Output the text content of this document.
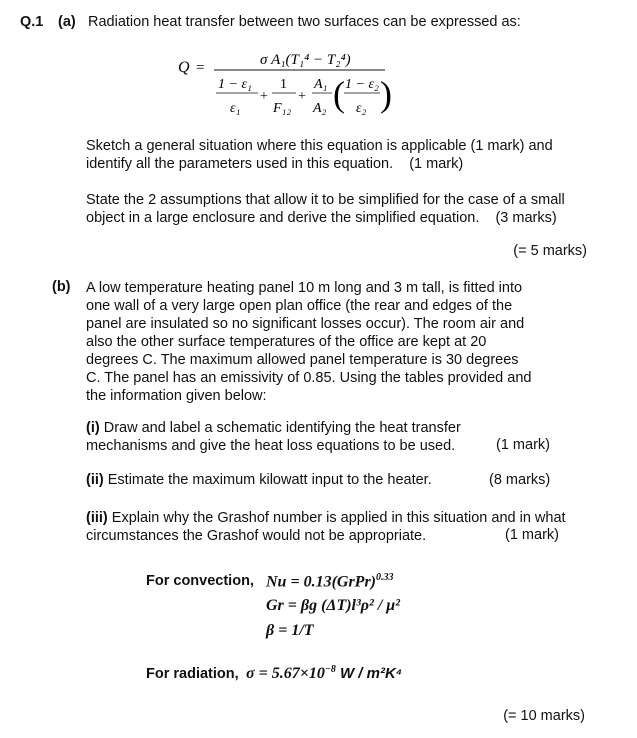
Q.1 (a) Radiation heat transfer between two surfaces can be expressed as:
Q =	σ A₁(T₁⁴ − T₂⁴)
1 − ε₁
ε₁
+
1
F₁₂
+
A₁
A₂ ( 1 − ε₂
ε₂ )
Sketch a general situation where this equation is applicable (1 mark) and
identify all the parameters used in this equation.    (1 mark)
State the 2 assumptions that allow it to be simplified for the case of a small
object in a large enclosure and derive the simplified equation.    (3 marks)
(= 5 marks)
(b) A low temperature heating panel 10 m long and 3 m tall, is fitted into
one wall of a very large open plan office (the rear and edges of the
panel are insulated so no significant losses occur). The room air and
also the other surface temperatures of the office are kept at 20
degrees C. The maximum allowed panel temperature is 30 degrees
C. The panel has an emissivity of 0.85. Using the tables provided and
the information given below:
(i) Draw and label a schematic identifying the heat transfer
mechanisms and give the heat loss equations to be used.	(1 mark)
(ii) Estimate the maximum kilowatt input to the heater.	(8 marks)
(iii) Explain why the Grashof number is applied in this situation and in what
circumstances the Grashof would not be appropriate.	(1 mark)
For convection, Nu = 0.13(GrPr)$^{0.33}$
Gr = βg (ΔT)l³ρ² / μ²
β = 1/T
For radiation, $\sigma = 5.67\times 10^{-8}$ W / m²K⁴
(= 10 marks)
